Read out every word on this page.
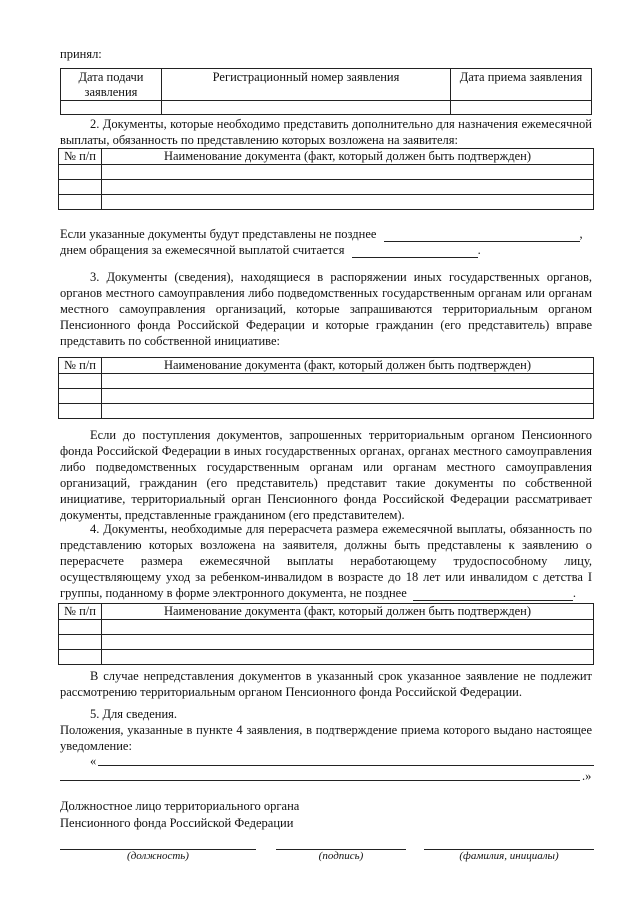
принял:
Дата подачи заявления	Регистрационный номер заявления	Дата приема заявления

2. Документы, которые необходимо представить дополнительно для назначения ежемесячной выплаты, обязанность по представлению которых возложена на заявителя:
№ п/п	Наименование документа (факт, который должен быть подтвержден)

Если указанные документы будут представлены не позднее	,
днем обращения за ежемесячной выплатой считается	.
3. Документы (сведения), находящиеся в распоряжении иных государственных органов, органов местного самоуправления либо подведомственных государственным органам или органам местного самоуправления организаций, которые запрашиваются территориальным органом Пенсионного фонда Российской Федерации и которые гражданин (его представитель) вправе представить по собственной инициативе:
№ п/п	Наименование документа (факт, который должен быть подтвержден)

Если до поступления документов, запрошенных территориальным органом Пенсионного фонда Российской Федерации в иных государственных органах, органах местного самоуправления либо подведомственных государственным органам или органам местного самоуправления организаций, гражданин (его представитель) представит такие документы по собственной инициативе, территориальный орган Пенсионного фонда Российской Федерации рассматривает документы, представленные гражданином (его представителем).
4. Документы, необходимые для перерасчета размера ежемесячной выплаты, обязанность по представлению которых возложена на заявителя, должны быть представлены к заявлению о перерасчете размера ежемесячной выплаты неработающему трудоспособному лицу, осуществляющему уход за ребенком-инвалидом в возрасте до 18 лет или инвалидом с детства I группы, поданному в форме электронного документа, не позднее	.
№ п/п	Наименование документа (факт, который должен быть подтвержден)

В случае непредставления документов в указанный срок указанное заявление не подлежит рассмотрению территориальным органом Пенсионного фонда Российской Федерации.
5. Для сведения.
Положения, указанные в пункте 4 заявления, в подтверждение приема которого выдано настоящее уведомление:
«
.»
Должностное лицо территориального органа
Пенсионного фонда Российской Федерации
(должность)	(подпись)	(фамилия, инициалы)
